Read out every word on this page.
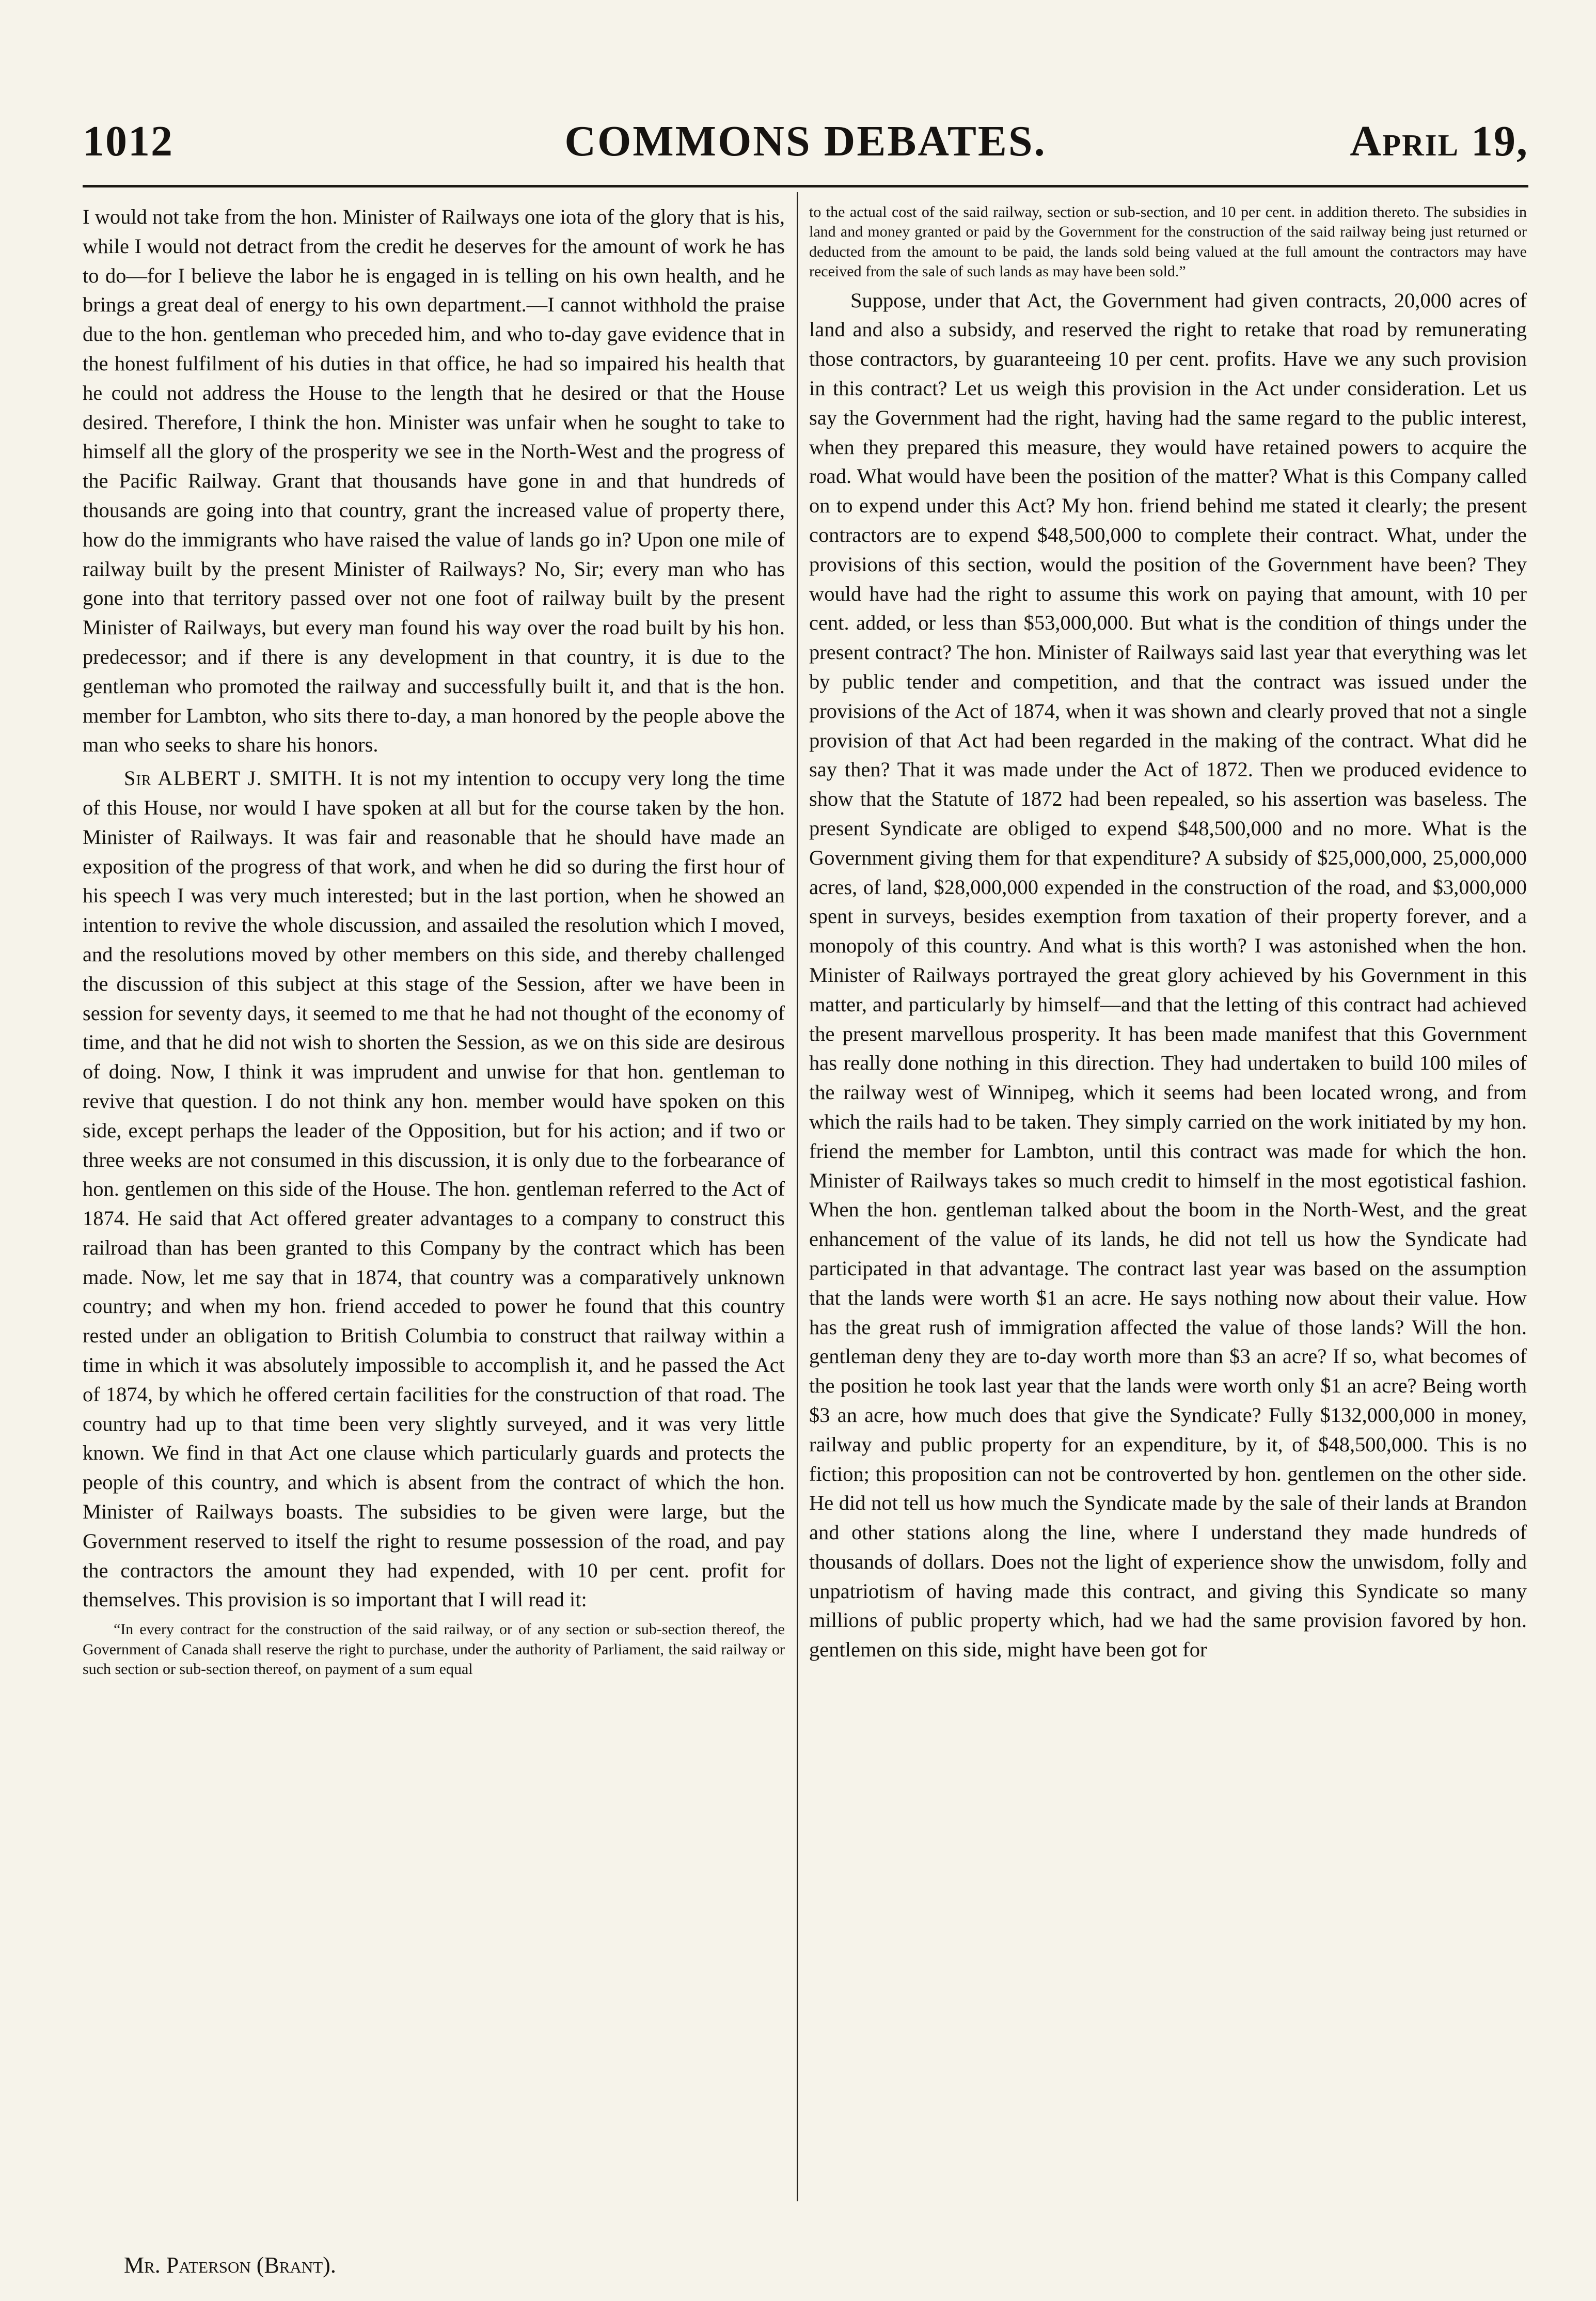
1012	COMMONS DEBATES.	April 19,

I would not take from the hon. Minister of Railways one iota of the glory that is his, while I would not detract from the credit he deserves for the amount of work he has to do—for I believe the labor he is engaged in is telling on his own health, and he brings a great deal of energy to his own department.—I cannot withhold the praise due to the hon. gentleman who preceded him, and who to-day gave evidence that in the honest fulfilment of his duties in that office, he had so impaired his health that he could not address the House to the length that he desired or that the House desired. Therefore, I think the hon. Minister was unfair when he sought to take to himself all the glory of the prosperity we see in the North-West and the progress of the Pacific Railway. Grant that thousands have gone in and that hundreds of thousands are going into that country, grant the increased value of property there, how do the immigrants who have raised the value of lands go in? Upon one mile of railway built by the present Minister of Railways? No, Sir; every man who has gone into that territory passed over not one foot of railway built by the present Minister of Railways, but every man found his way over the road built by his hon. predecessor; and if there is any development in that country, it is due to the gentleman who promoted the railway and successfully built it, and that is the hon. member for Lambton, who sits there to-day, a man honored by the people above the man who seeks to share his honors.

Sir ALBERT J. SMITH. It is not my intention to occupy very long the time of this House, nor would I have spoken at all but for the course taken by the hon. Minister of Railways. It was fair and reasonable that he should have made an exposition of the progress of that work, and when he did so during the first hour of his speech I was very much interested; but in the last portion, when he showed an intention to revive the whole discussion, and assailed the resolution which I moved, and the resolutions moved by other members on this side, and thereby challenged the discussion of this subject at this stage of the Session, after we have been in session for seventy days, it seemed to me that he had not thought of the economy of time, and that he did not wish to shorten the Session, as we on this side are desirous of doing. Now, I think it was imprudent and unwise for that hon. gentleman to revive that question. I do not think any hon. member would have spoken on this side, except perhaps the leader of the Opposition, but for his action; and if two or three weeks are not consumed in this discussion, it is only due to the forbearance of hon. gentlemen on this side of the House. The hon. gentleman referred to the Act of 1874. He said that Act offered greater advantages to a company to construct this railroad than has been granted to this Company by the contract which has been made. Now, let me say that in 1874, that country was a comparatively unknown country; and when my hon. friend acceded to power he found that this country rested under an obligation to British Columbia to construct that railway within a time in which it was absolutely impossible to accomplish it, and he passed the Act of 1874, by which he offered certain facilities for the construction of that road. The country had up to that time been very slightly surveyed, and it was very little known. We find in that Act one clause which particularly guards and protects the people of this country, and which is absent from the contract of which the hon. Minister of Railways boasts. The subsidies to be given were large, but the Government reserved to itself the right to resume possession of the road, and pay the contractors the amount they had expended, with 10 per cent. profit for themselves. This provision is so important that I will read it:

“In every contract for the construction of the said railway, or of any section or sub-section thereof, the Government of Canada shall reserve the right to purchase, under the authority of Parliament, the said railway or such section or sub-section thereof, on payment of a sum equal

to the actual cost of the said railway, section or sub-section, and 10 per cent. in addition thereto. The subsidies in land and money granted or paid by the Government for the construction of the said railway being just returned or deducted from the amount to be paid, the lands sold being valued at the full amount the contractors may have received from the sale of such lands as may have been sold.”

Suppose, under that Act, the Government had given contracts, 20,000 acres of land and also a subsidy, and reserved the right to retake that road by remunerating those contractors, by guaranteeing 10 per cent. profits. Have we any such provision in this contract? Let us weigh this provision in the Act under consideration. Let us say the Government had the right, having had the same regard to the public interest, when they prepared this measure, they would have retained powers to acquire the road. What would have been the position of the matter? What is this Company called on to expend under this Act? My hon. friend behind me stated it clearly; the present contractors are to expend $48,500,000 to complete their contract. What, under the provisions of this section, would the position of the Government have been? They would have had the right to assume this work on paying that amount, with 10 per cent. added, or less than $53,000,000. But what is the condition of things under the present contract? The hon. Minister of Railways said last year that everything was let by public tender and competition, and that the contract was issued under the provisions of the Act of 1874, when it was shown and clearly proved that not a single provision of that Act had been regarded in the making of the contract. What did he say then? That it was made under the Act of 1872. Then we produced evidence to show that the Statute of 1872 had been repealed, so his assertion was baseless. The present Syndicate are obliged to expend $48,500,000 and no more. What is the Government giving them for that expenditure? A subsidy of $25,000,000, 25,000,000 acres, of land, $28,000,000 expended in the construction of the road, and $3,000,000 spent in surveys, besides exemption from taxation of their property forever, and a monopoly of this country. And what is this worth? I was astonished when the hon. Minister of Railways portrayed the great glory achieved by his Government in this matter, and particularly by himself—and that the letting of this contract had achieved the present marvellous prosperity. It has been made manifest that this Government has really done nothing in this direction. They had undertaken to build 100 miles of the railway west of Winnipeg, which it seems had been located wrong, and from which the rails had to be taken. They simply carried on the work initiated by my hon. friend the member for Lambton, until this contract was made for which the hon. Minister of Railways takes so much credit to himself in the most egotistical fashion. When the hon. gentleman talked about the boom in the North-West, and the great enhancement of the value of its lands, he did not tell us how the Syndicate had participated in that advantage. The contract last year was based on the assumption that the lands were worth $1 an acre. He says nothing now about their value. How has the great rush of immigration affected the value of those lands? Will the hon. gentleman deny they are to-day worth more than $3 an acre? If so, what becomes of the position he took last year that the lands were worth only $1 an acre? Being worth $3 an acre, how much does that give the Syndicate? Fully $132,000,000 in money, railway and public property for an expenditure, by it, of $48,500,000. This is no fiction; this proposition can not be controverted by hon. gentlemen on the other side. He did not tell us how much the Syndicate made by the sale of their lands at Brandon and other stations along the line, where I understand they made hundreds of thousands of dollars. Does not the light of experience show the unwisdom, folly and unpatriotism of having made this contract, and giving this Syndicate so many millions of public property which, had we had the same provision favored by hon. gentlemen on this side, might have been got for

Mr. Paterson (Brant).
